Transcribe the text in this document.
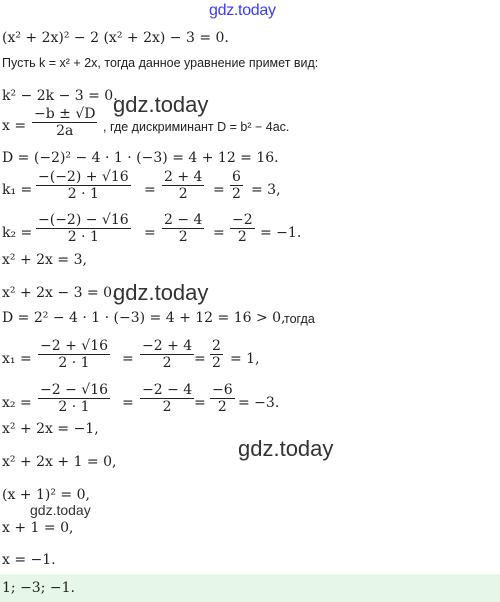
gdz.today
(x² + 2x)² − 2 (x² + 2x) − 3 = 0.
Пусть k = x² + 2x, тогда данное уравнение примет вид:
k² − 2k − 3 = 0.
gdz.today
$x = \frac{-b \pm √D}{2a}$ , где дискриминант D = b² − 4ac.
D = (−2)² − 4 · 1 · (−3) = 4 + 12 = 16.
$k_1 = \frac{-(-2) + √16}{2 \cdot 1} = \frac{2 + 4}{2} = \frac{6}{2} = 3$,
$k_2 = \frac{-(-2) - √16}{2 \cdot 1} = \frac{2 - 4}{2} = \frac{-2}{2} = -1$.
x² + 2x = 3,
x² + 2x − 3 = 0.
gdz.today
D = 2² − 4 · 1 · (−3) = 4 + 12 = 16 > 0,
тогда
$x_1 = \frac{-2 + √16}{2 \cdot 1} = \frac{-2 + 4}{2} = \frac{2}{2} = 1$,
$x_2 = \frac{-2 - √16}{2 \cdot 1} = \frac{-2 - 4}{2} = \frac{-6}{2} = -3$.
x² + 2x = −1,
gdz.today
x² + 2x + 1 = 0,
(x + 1)² = 0,
gdz.today
x + 1 = 0,
x = −1.
1; −3; −1.
